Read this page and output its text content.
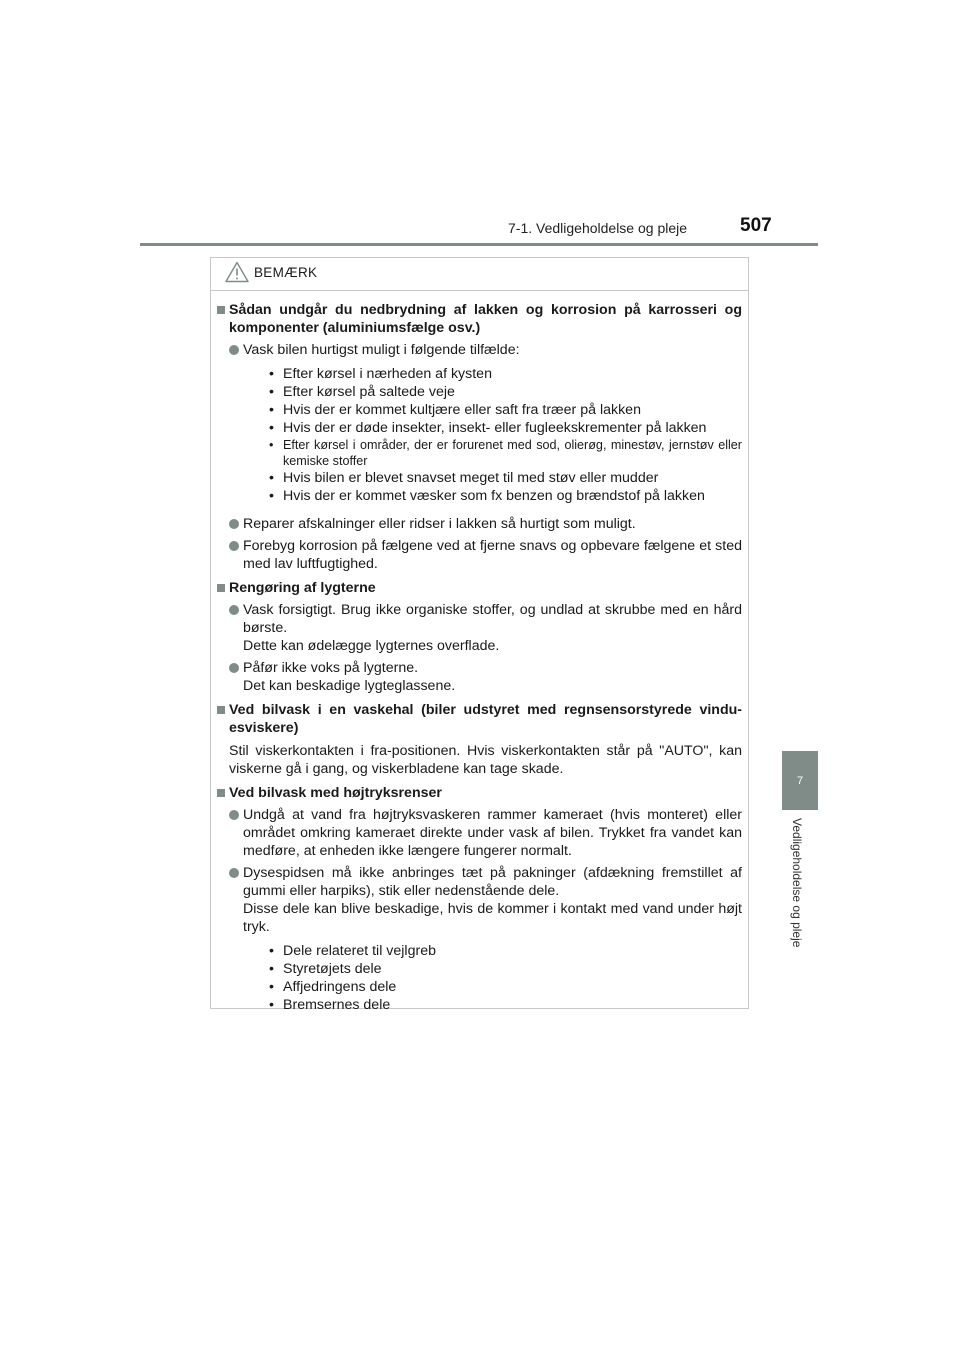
7-1. Vedligeholdelse og pleje	507
7
Vedligeholdelse og pleje
BEMÆRK
Sådan undgår du nedbrydning af lakken og korrosion på karrosseri og komponenter (aluminiumsfælge osv.)
Vask bilen hurtigst muligt i følgende tilfælde:
• Efter kørsel i nærheden af kysten
• Efter kørsel på saltede veje
• Hvis der er kommet kultjære eller saft fra træer på lakken
• Hvis der er døde insekter, insekt- eller fugleekskrementer på lakken
• Efter kørsel i områder, der er forurenet med sod, olierøg, minestøv, jernstøv eller kemiske stoffer
• Hvis bilen er blevet snavset meget til med støv eller mudder
• Hvis der er kommet væsker som fx benzen og brændstof på lakken
Reparer afskalninger eller ridser i lakken så hurtigt som muligt.
Forebyg korrosion på fælgene ved at fjerne snavs og opbevare fælgene et sted med lav luftfugtighed.
Rengøring af lygterne
Vask forsigtigt. Brug ikke organiske stoffer, og undlad at skrubbe med en hård børste.
Dette kan ødelægge lygternes overflade.
Påfør ikke voks på lygterne.
Det kan beskadige lygteglassene.
Ved bilvask i en vaskehal (biler udstyret med regnsensorstyrede vindu-esviskere)
Stil viskerkontakten i fra-positionen. Hvis viskerkontakten står på "AUTO", kan viskerne gå i gang, og viskerbladene kan tage skade.
Ved bilvask med højtryksrenser
Undgå at vand fra højtryksvaskeren rammer kameraet (hvis monteret) eller området omkring kameraet direkte under vask af bilen. Trykket fra vandet kan medføre, at enheden ikke længere fungerer normalt.
Dysespidsen må ikke anbringes tæt på pakninger (afdækning fremstillet af gummi eller harpiks), stik eller nedenstående dele.
Disse dele kan blive beskadige, hvis de kommer i kontakt med vand under højt tryk.
• Dele relateret til vejlgreb
• Styretøjets dele
• Affjedringens dele
• Bremsernes dele
